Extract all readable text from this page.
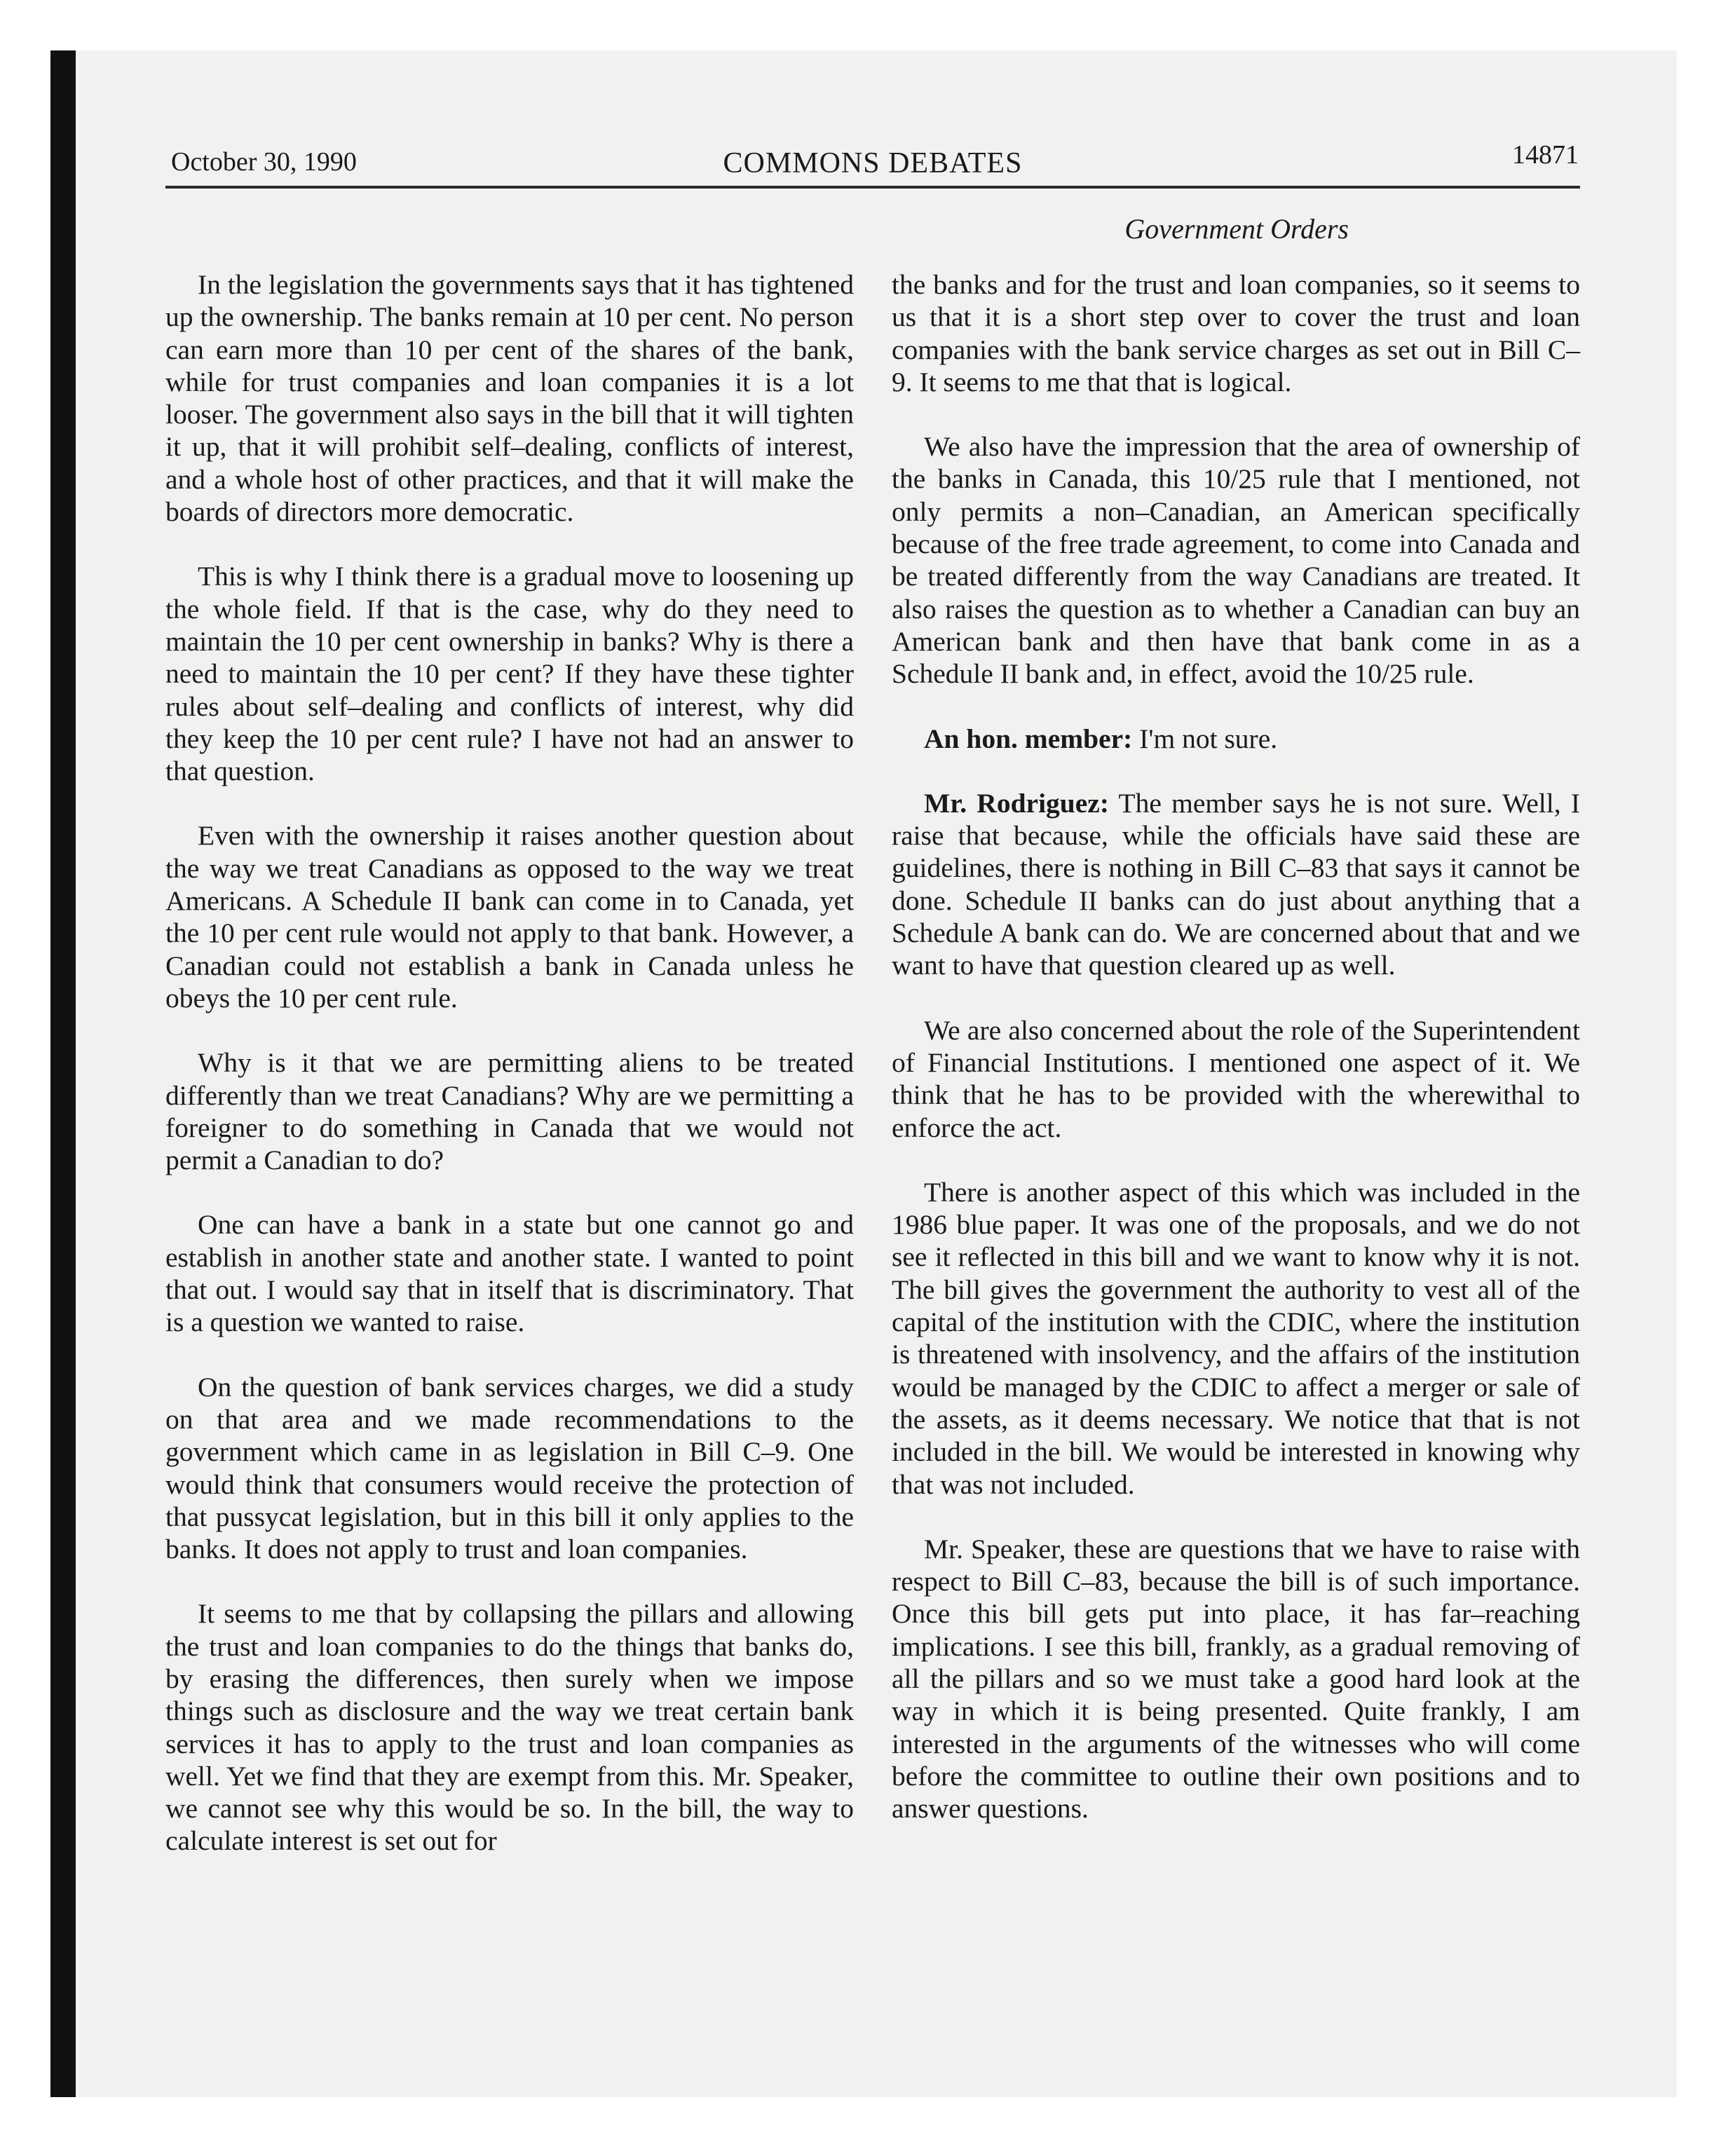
October 30, 1990	COMMONS DEBATES	14871
Government Orders

In the legislation the governments says that it has tightened up the ownership. The banks remain at 10 per cent. No person can earn more than 10 per cent of the shares of the bank, while for trust companies and loan companies it is a lot looser. The government also says in the bill that it will tighten it up, that it will prohibit self–dealing, conflicts of interest, and a whole host of other practices, and that it will make the boards of directors more democratic.

This is why I think there is a gradual move to loosening up the whole field. If that is the case, why do they need to maintain the 10 per cent ownership in banks? Why is there a need to maintain the 10 per cent? If they have these tighter rules about self–dealing and conflicts of interest, why did they keep the 10 per cent rule? I have not had an answer to that question.

Even with the ownership it raises another question about the way we treat Canadians as opposed to the way we treat Americans. A Schedule II bank can come in to Canada, yet the 10 per cent rule would not apply to that bank. However, a Canadian could not establish a bank in Canada unless he obeys the 10 per cent rule.

Why is it that we are permitting aliens to be treated differently than we treat Canadians? Why are we permitting a foreigner to do something in Canada that we would not permit a Canadian to do?

One can have a bank in a state but one cannot go and establish in another state and another state. I wanted to point that out. I would say that in itself that is discriminatory. That is a question we wanted to raise.

On the question of bank services charges, we did a study on that area and we made recommendations to the government which came in as legislation in Bill C–9. One would think that consumers would receive the protection of that pussycat legislation, but in this bill it only applies to the banks. It does not apply to trust and loan companies.

It seems to me that by collapsing the pillars and allowing the trust and loan companies to do the things that banks do, by erasing the differences, then surely when we impose things such as disclosure and the way we treat certain bank services it has to apply to the trust and loan companies as well. Yet we find that they are exempt from this. Mr. Speaker, we cannot see why this would be so. In the bill, the way to calculate interest is set out for

the banks and for the trust and loan companies, so it seems to us that it is a short step over to cover the trust and loan companies with the bank service charges as set out in Bill C–9. It seems to me that that is logical.

We also have the impression that the area of ownership of the banks in Canada, this 10/25 rule that I mentioned, not only permits a non–Canadian, an American specifically because of the free trade agreement, to come into Canada and be treated differently from the way Canadians are treated. It also raises the question as to whether a Canadian can buy an American bank and then have that bank come in as a Schedule II bank and, in effect, avoid the 10/25 rule.

An hon. member: I'm not sure.

Mr. Rodriguez: The member says he is not sure. Well, I raise that because, while the officials have said these are guidelines, there is nothing in Bill C–83 that says it cannot be done. Schedule II banks can do just about anything that a Schedule A bank can do. We are concerned about that and we want to have that question cleared up as well.

We are also concerned about the role of the Superintendent of Financial Institutions. I mentioned one aspect of it. We think that he has to be provided with the wherewithal to enforce the act.

There is another aspect of this which was included in the 1986 blue paper. It was one of the proposals, and we do not see it reflected in this bill and we want to know why it is not. The bill gives the government the authority to vest all of the capital of the institution with the CDIC, where the institution is threatened with insolvency, and the affairs of the institution would be managed by the CDIC to affect a merger or sale of the assets, as it deems necessary. We notice that that is not included in the bill. We would be interested in knowing why that was not included.

Mr. Speaker, these are questions that we have to raise with respect to Bill C–83, because the bill is of such importance. Once this bill gets put into place, it has far–reaching implications. I see this bill, frankly, as a gradual removing of all the pillars and so we must take a good hard look at the way in which it is being presented. Quite frankly, I am interested in the arguments of the witnesses who will come before the committee to outline their own positions and to answer questions.
